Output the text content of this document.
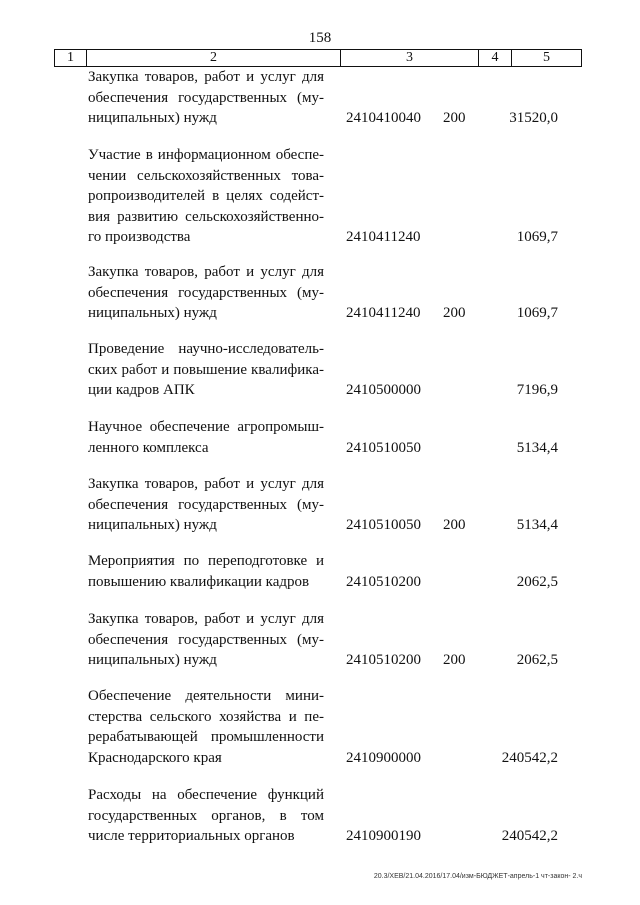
158
1	2	3	4	5
Закупка товаров, работ и услуг для
обеспечения государственных (му-
ниципальных) нужд	2410410040 200	31520,0
Участие в информационном обеспе-
чении сельскохозяйственных това-
ропроизводителей в целях содейст-
вия развитию сельскохозяйственно-
го производства	2410411240	1069,7
Закупка товаров, работ и услуг для
обеспечения государственных (му-
ниципальных) нужд	2410411240 200	1069,7
Проведение научно-исследователь-
ских работ и повышение квалифика-
ции кадров АПК	2410500000	7196,9
Научное обеспечение агропромыш-
ленного комплекса	2410510050	5134,4
Закупка товаров, работ и услуг для
обеспечения государственных (му-
ниципальных) нужд	2410510050 200	5134,4
Мероприятия по переподготовке и
повышению квалификации кадров	2410510200	2062,5
Закупка товаров, работ и услуг для
обеспечения государственных (му-
ниципальных) нужд	2410510200 200	2062,5
Обеспечение деятельности мини-
стерства сельского хозяйства и пе-
рерабатывающей промышленности
Краснодарского края	2410900000	240542,2
Расходы на обеспечение функций
государственных органов, в том
числе территориальных органов	2410900190	240542,2
20.3/ХЕВ/21.04.2016/17.04/изм-БЮДЖЕТ-апрель-1 чт-закон- 2.ч
